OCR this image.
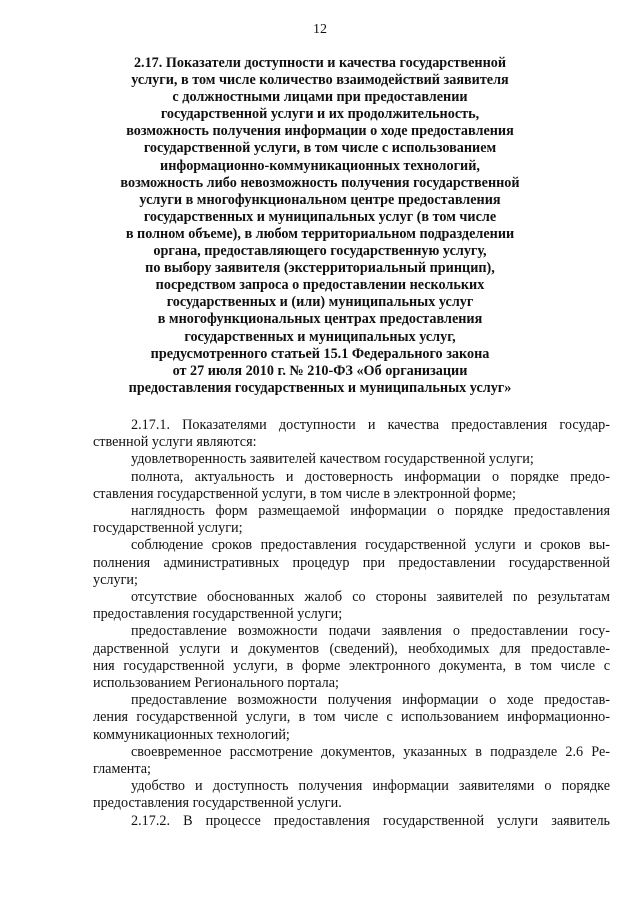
12
2.17. Показатели доступности и качества государственной
услуги, в том числе количество взаимодействий заявителя
с должностными лицами при предоставлении
государственной услуги и их продолжительность,
возможность получения информации о ходе предоставления
государственной услуги, в том числе с использованием
информационно-коммуникационных технологий,
возможность либо невозможность получения государственной
услуги в многофункциональном центре предоставления
государственных и муниципальных услуг (в том числе
в полном объеме), в любом территориальном подразделении
органа, предоставляющего государственную услугу,
по выбору заявителя (экстерриториальный принцип),
посредством запроса о предоставлении нескольких
государственных и (или) муниципальных услуг
в многофункциональных центрах предоставления
государственных и муниципальных услуг,
предусмотренного статьей 15.1 Федерального закона
от 27 июля 2010 г. № 210-ФЗ «Об организации
предоставления государственных и муниципальных услуг»

2.17.1. Показателями доступности и качества предоставления государ-
ственной услуги являются:

удовлетворенность заявителей качеством государственной услуги;

полнота, актуальность и достоверность информации о порядке предо-
ставления государственной услуги, в том числе в электронной форме;

наглядность форм размещаемой информации о порядке предоставления
государственной услуги;

соблюдение сроков предоставления государственной услуги и сроков вы-
полнения административных процедур при предоставлении государственной
услуги;

отсутствие обоснованных жалоб со стороны заявителей по результатам
предоставления государственной услуги;

предоставление возможности подачи заявления о предоставлении госу-
дарственной услуги и документов (сведений), необходимых для предоставле-
ния государственной услуги, в форме электронного документа, в том числе с
использованием Регионального портала;

предоставление возможности получения информации о ходе предостав-
ления государственной услуги, в том числе с использованием информационно-
коммуникационных технологий;

своевременное рассмотрение документов, указанных в подразделе 2.6 Ре-
гламента;

удобство и доступность получения информации заявителями о порядке
предоставления государственной услуги.

2.17.2. В процессе предоставления государственной услуги заявитель
